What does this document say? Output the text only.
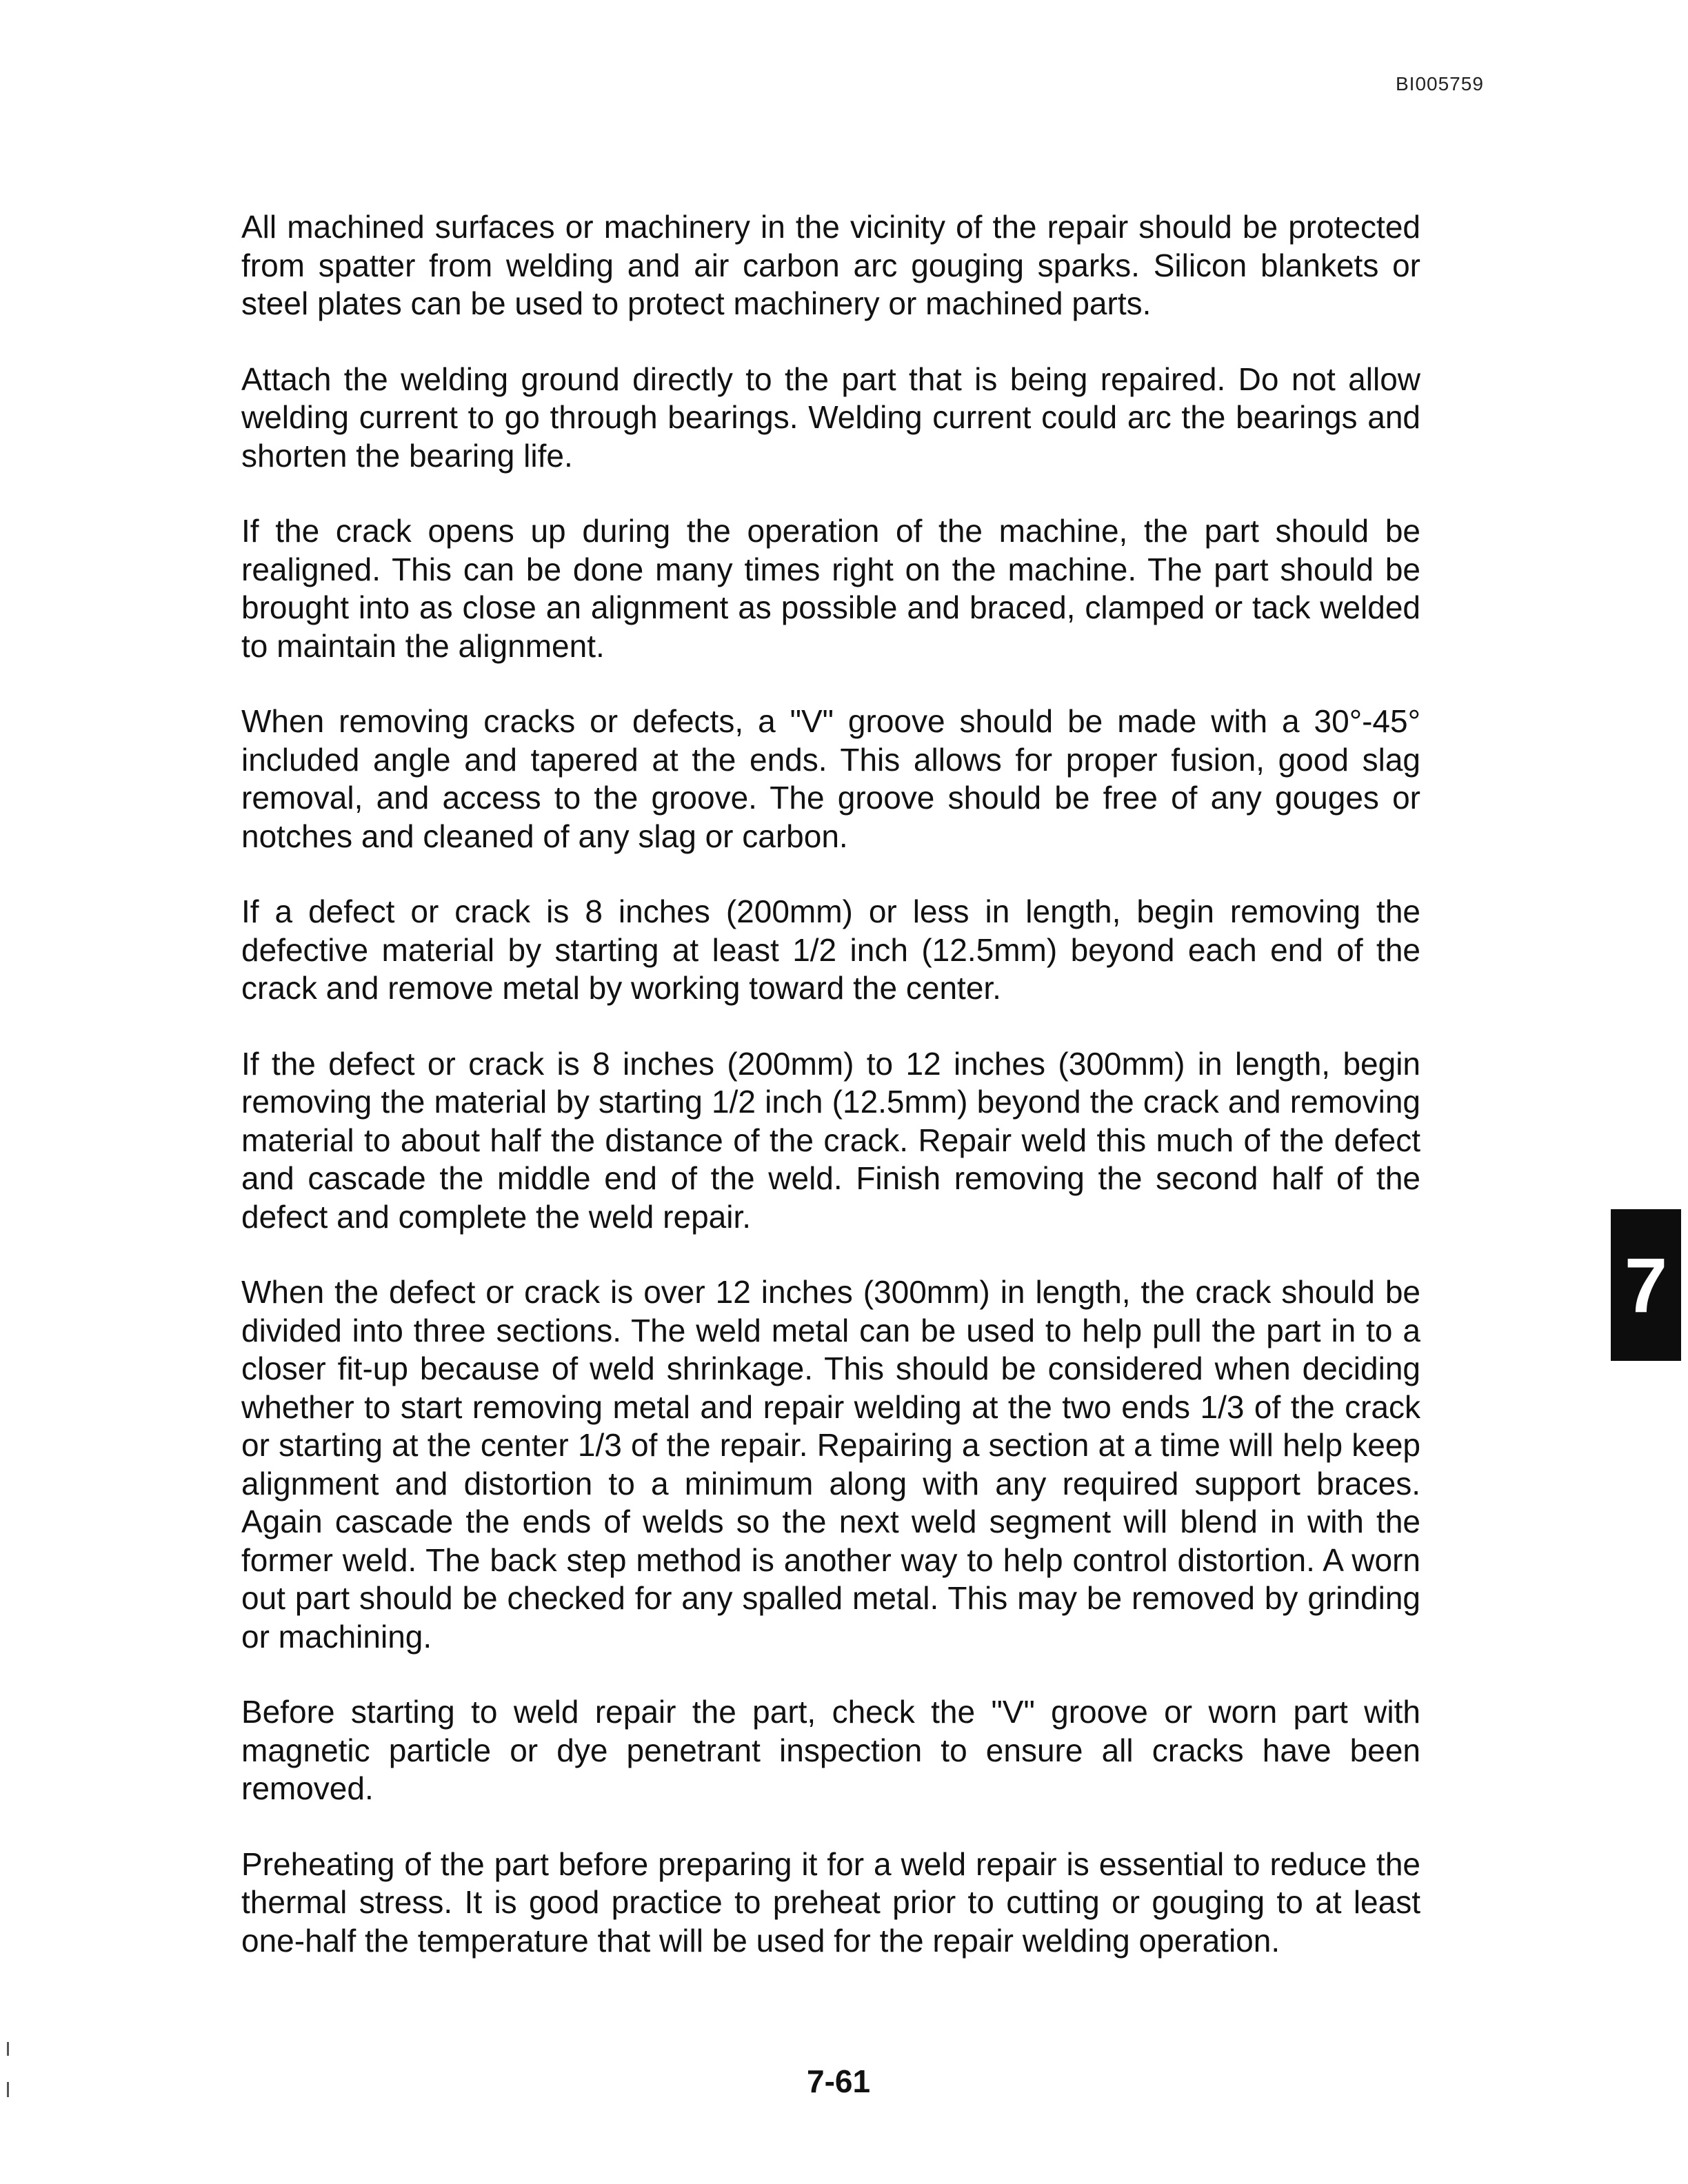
BI005759

All machined surfaces or machinery in the vicinity of the repair should be protected from spatter from welding and air carbon arc gouging sparks. Silicon blankets or steel plates can be used to protect machinery or machined parts.

Attach the welding ground directly to the part that is being repaired. Do not allow welding current to go through bearings. Welding current could arc the bearings and shorten the bearing life.

If the crack opens up during the operation of the machine, the part should be realigned. This can be done many times right on the machine. The part should be brought into as close an alignment as possible and braced, clamped or tack welded to maintain the alignment.

When removing cracks or defects, a "V" groove should be made with a 30°-45° included angle and tapered at the ends. This allows for proper fusion, good slag removal, and access to the groove. The groove should be free of any gouges or notches and cleaned of any slag or carbon.

If a defect or crack is 8 inches (200mm) or less in length, begin removing the defective material by starting at least 1/2 inch (12.5mm) beyond each end of the crack and remove metal by working toward the center.

If the defect or crack is 8 inches (200mm) to 12 inches (300mm) in length, begin removing the material by starting 1/2 inch (12.5mm) beyond the crack and removing material to about half the distance of the crack. Repair weld this much of the defect and cascade the middle end of the weld. Finish removing the second half of the defect and complete the weld repair.

When the defect or crack is over 12 inches (300mm) in length, the crack should be divided into three sections. The weld metal can be used to help pull the part in to a closer fit-up because of weld shrinkage. This should be considered when deciding whether to start removing metal and repair welding at the two ends 1/3 of the crack or starting at the center 1/3 of the repair. Repairing a section at a time will help keep alignment and distortion to a minimum along with any required support braces. Again cascade the ends of welds so the next weld segment will blend in with the former weld. The back step method is another way to help control distortion. A worn out part should be checked for any spalled metal. This may be removed by grinding or machining.

Before starting to weld repair the part, check the "V" groove or worn part with magnetic particle or dye penetrant inspection to ensure all cracks have been removed.

Preheating of the part before preparing it for a weld repair is essential to reduce the thermal stress. It is good practice to preheat prior to cutting or gouging to at least one-half the temperature that will be used for the repair welding operation.

7-61
7
